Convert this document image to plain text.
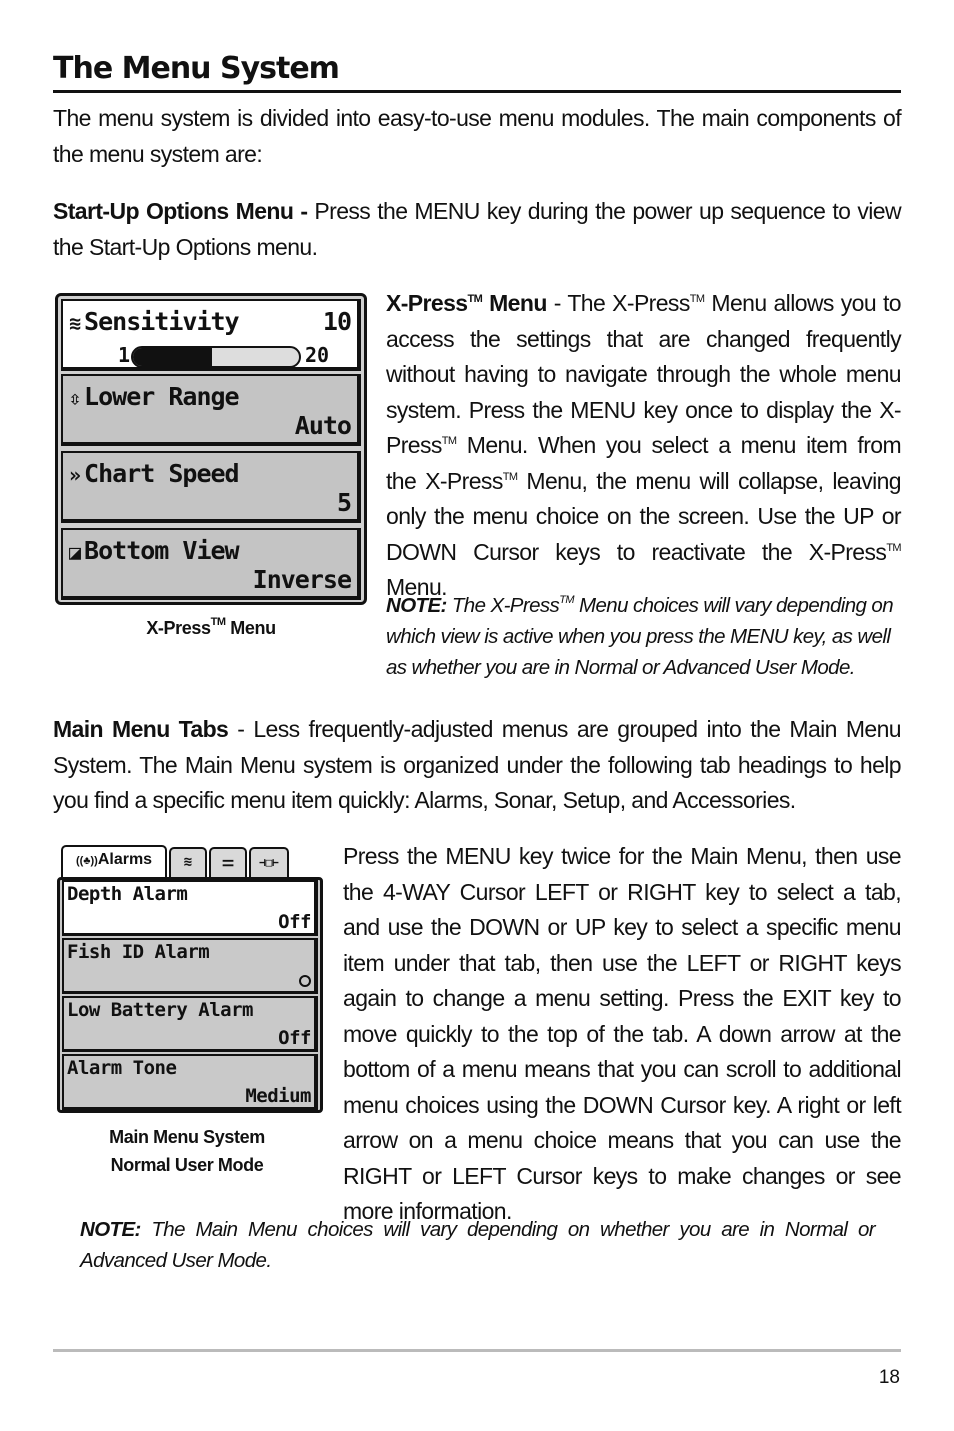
The Menu System

The menu system is divided into easy-to-use menu modules. The main components of the menu system are:

Start-Up Options Menu - Press the MENU key during the power up sequence to view the Start-Up Options menu.

≋ Sensitivity	10
1	20
⇳ Lower Range
Auto
» Chart Speed
5
◪ Bottom View
Inverse
X-Press™ Menu

X-Press™ Menu - The X-Press™ Menu allows you to access the settings that are changed frequently without having to navigate through the whole menu system. Press the MENU key once to display the X-Press™ Menu. When you select a menu item from the X-Press™ Menu, the menu will collapse, leaving only the menu choice on the screen. Use the UP or DOWN Cursor keys to reactivate the X-Press™ Menu.

NOTE: The X-Press™ Menu choices will vary depending on which view is active when you press the MENU key, as well as whether you are in Normal or Advanced User Mode.

Main Menu Tabs - Less frequently-adjusted menus are grouped into the Main Menu System. The Main Menu system is organized under the following tab headings to help you find a specific menu item quickly: Alarms, Sonar, Setup, and Accessories.

((♣))Alarms	≋	⚌	⊣□⊢
Depth Alarm
Off
Fish ID Alarm
Low Battery Alarm
Off
Alarm Tone
Medium
Main Menu System
Normal User Mode

Press the MENU key twice for the Main Menu, then use the 4-WAY Cursor LEFT or RIGHT key to select a tab, and use the DOWN or UP key to select a specific menu item under that tab, then use the LEFT or RIGHT keys again to change a menu setting. Press the EXIT key to move quickly to the top of the tab. A down arrow at the bottom of a menu means that you can scroll to additional menu choices using the DOWN Cursor key. A right or left arrow on a menu choice means that you can use the RIGHT or LEFT Cursor keys to make changes or see more information.

NOTE: The Main Menu choices will vary depending on whether you are in Normal or Advanced User Mode.

18
